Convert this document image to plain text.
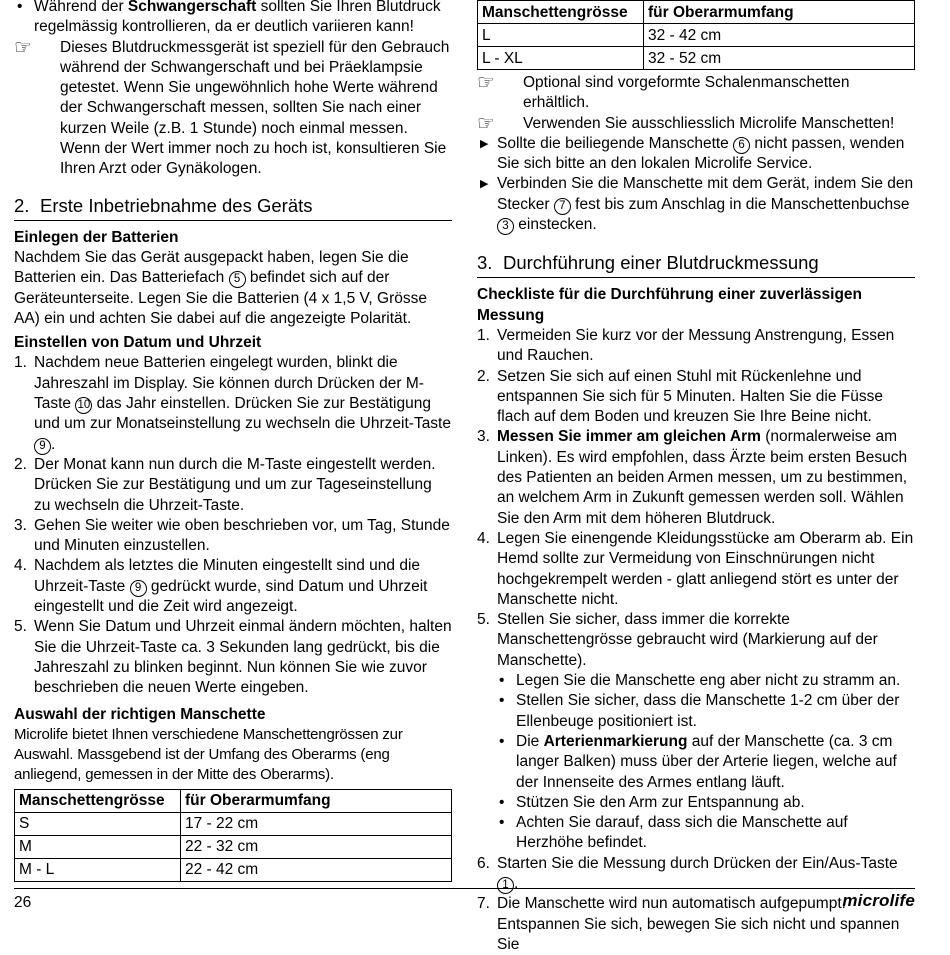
• Während der Schwangerschaft sollten Sie Ihren Blutdruck regelmässig kontrollieren, da er deutlich variieren kann!

☞ Dieses Blutdruckmessgerät ist speziell für den Gebrauch während der Schwangerschaft und bei Präeklampsie getestet. Wenn Sie ungewöhnlich hohe Werte während der Schwangerschaft messen, sollten Sie nach einer kurzen Weile (z.B. 1 Stunde) noch einmal messen. Wenn der Wert immer noch zu hoch ist, konsultieren Sie Ihren Arzt oder Gynäkologen.

2. Erste Inbetriebnahme des Geräts

Einlegen der Batterien

Nachdem Sie das Gerät ausgepackt haben, legen Sie die Batterien ein. Das Batteriefach 5 befindet sich auf der Geräteunterseite. Legen Sie die Batterien (4 x 1,5 V, Grösse AA) ein und achten Sie dabei auf die angezeigte Polarität.

Einstellen von Datum und Uhrzeit

1. Nachdem neue Batterien eingelegt wurden, blinkt die Jahreszahl im Display. Sie können durch Drücken der M-Taste 10 das Jahr einstellen. Drücken Sie zur Bestätigung und um zur Monatseinstellung zu wechseln die Uhrzeit-Taste 9 .

2. Der Monat kann nun durch die M-Taste eingestellt werden. Drücken Sie zur Bestätigung und um zur Tageseinstellung zu wechseln die Uhrzeit-Taste.

3. Gehen Sie weiter wie oben beschrieben vor, um Tag, Stunde und Minuten einzustellen.

4. Nachdem als letztes die Minuten eingestellt sind und die Uhrzeit-Taste 9 gedrückt wurde, sind Datum und Uhrzeit eingestellt und die Zeit wird angezeigt.

5. Wenn Sie Datum und Uhrzeit einmal ändern möchten, halten Sie die Uhrzeit-Taste ca. 3 Sekunden lang gedrückt, bis die Jahreszahl zu blinken beginnt. Nun können Sie wie zuvor beschrieben die neuen Werte eingeben.

Auswahl der richtigen Manschette

Microlife bietet Ihnen verschiedene Manschettengrössen zur Auswahl. Massgebend ist der Umfang des Oberarms (eng anliegend, gemessen in der Mitte des Oberarms).

Manschettengrösse	für Oberarmumfang
S	17 - 22 cm
M	22 - 32 cm
M - L	22 - 42 cm
Manschettengrösse	für Oberarmumfang
L	32 - 42 cm
L - XL	32 - 52 cm

☞ Optional sind vorgeformte Schalenmanschetten erhältlich.

☞ Verwenden Sie ausschliesslich Microlife Manschetten!

▶ Sollte die beiliegende Manschette 6 nicht passen, wenden Sie sich bitte an den lokalen Microlife Service.

▶ Verbinden Sie die Manschette mit dem Gerät, indem Sie den Stecker 7 fest bis zum Anschlag in die Manschettenbuchse 3 einstecken.

3. Durchführung einer Blutdruckmessung

Checkliste für die Durchführung einer zuverlässigen Messung

1. Vermeiden Sie kurz vor der Messung Anstrengung, Essen und Rauchen.

2. Setzen Sie sich auf einen Stuhl mit Rückenlehne und entspannen Sie sich für 5 Minuten. Halten Sie die Füsse flach auf dem Boden und kreuzen Sie Ihre Beine nicht.

3. Messen Sie immer am gleichen Arm (normalerweise am Linken). Es wird empfohlen, dass Ärzte beim ersten Besuch des Patienten an beiden Armen messen, um zu bestimmen, an welchem Arm in Zukunft gemessen werden soll. Wählen Sie den Arm mit dem höheren Blutdruck.

4. Legen Sie einengende Kleidungsstücke am Oberarm ab. Ein Hemd sollte zur Vermeidung von Einschnürungen nicht hochgekrempelt werden - glatt anliegend stört es unter der Manschette nicht.

5. Stellen Sie sicher, dass immer die korrekte Manschettengrösse gebraucht wird (Markierung auf der Manschette).

• Legen Sie die Manschette eng aber nicht zu stramm an.

• Stellen Sie sicher, dass die Manschette 1-2 cm über der Ellenbeuge positioniert ist.

• Die Arterienmarkierung auf der Manschette (ca. 3 cm langer Balken) muss über der Arterie liegen, welche auf der Innenseite des Armes entlang läuft.

• Stützen Sie den Arm zur Entspannung ab.

• Achten Sie darauf, dass sich die Manschette auf Herzhöhe befindet.

6. Starten Sie die Messung durch Drücken der Ein/Aus-Taste 1 .

7. Die Manschette wird nun automatisch aufgepumpt. Entspannen Sie sich, bewegen Sie sich nicht und spannen Sie

26	microlife
